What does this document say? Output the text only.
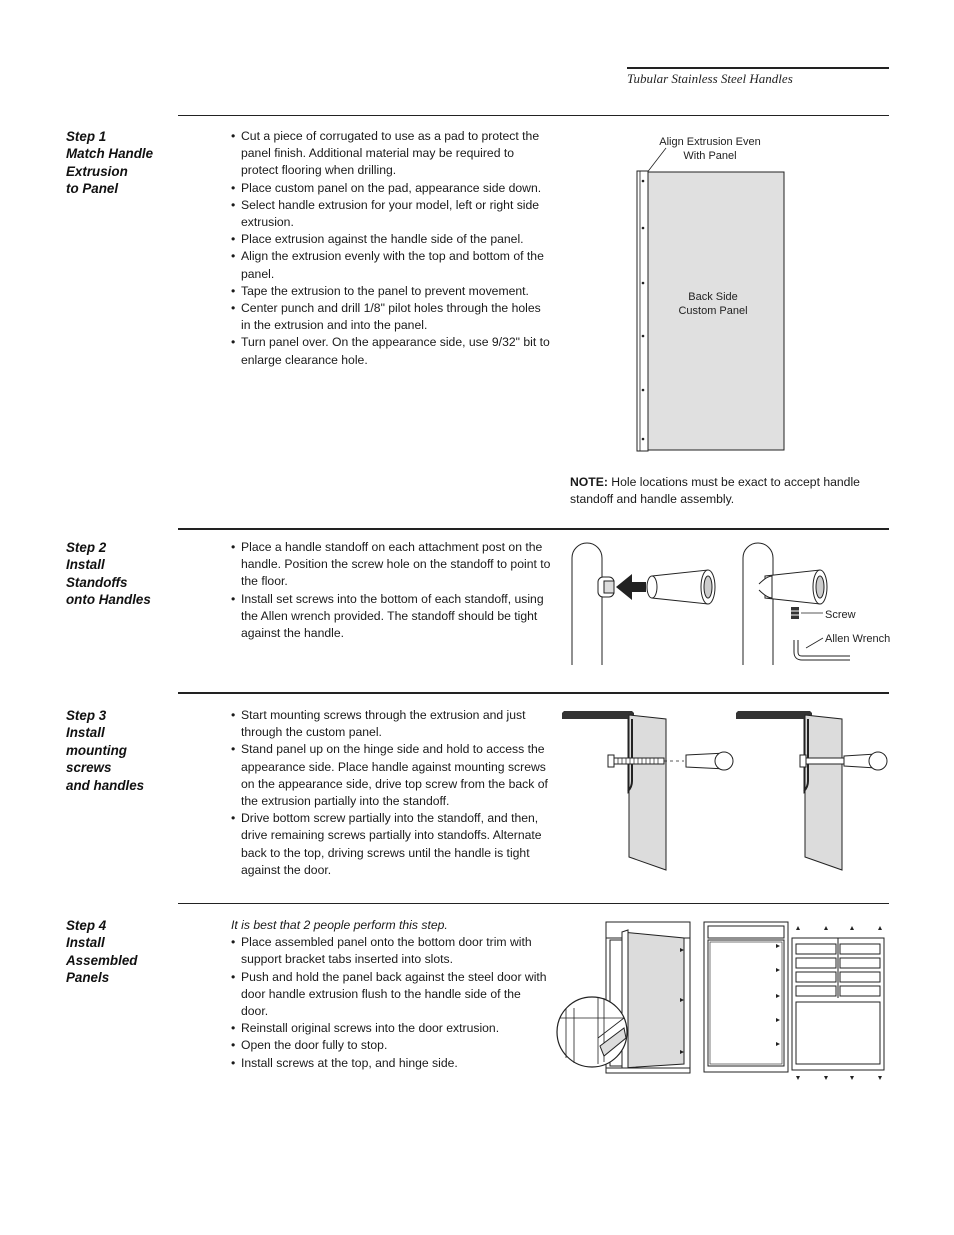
Tubular Stainless Steel Handles
Step 1
Match Handle
Extrusion
to Panel
• Cut a piece of corrugated to use as a pad to protect the panel finish. Additional material may be required to protect flooring when drilling.
• Place custom panel on the pad, appearance side down.
• Select handle extrusion for your model, left or right side extrusion.
• Place extrusion against the handle side of the panel.
• Align the extrusion evenly with the top and bottom of the panel.
• Tape the extrusion to the panel to prevent movement.
• Center punch and drill 1/8" pilot holes through the holes in the extrusion and into the panel.
• Turn panel over. On the appearance side, use 9/32" bit to enlarge clearance hole.
Align Extrusion Even
With Panel
Back Side
Custom Panel
NOTE: Hole locations must be exact to accept handle standoff and handle assembly.
Step 2
Install
Standoffs
onto Handles
• Place a handle standoff on each attachment post on the handle. Position the screw hole on the standoff to point to the floor.
• Install set screws into the bottom of each standoff, using the Allen wrench provided. The standoff should be tight against the handle.
Screw
Allen Wrench
Step 3
Install
mounting
screws
and handles
• Start mounting screws through the extrusion and just through the custom panel.
• Stand panel up on the hinge side and hold to access the appearance side. Place handle against mounting screws on the appearance side, drive top screw from the back of the extrusion partially into the standoff.
• Drive bottom screw partially into the standoff, and then, drive remaining screws partially into standoffs. Alternate back to the top, driving screws until the handle is tight against the door.
Step 4
Install
Assembled
Panels
It is best that 2 people perform this step.
• Place assembled panel onto the bottom door trim with support bracket tabs inserted into slots.
• Push and hold the panel back against the steel door with door handle extrusion flush to the handle side of the door.
• Reinstall original screws into the door extrusion.
• Open the door fully to stop.
• Install screws at the top, and hinge side.
